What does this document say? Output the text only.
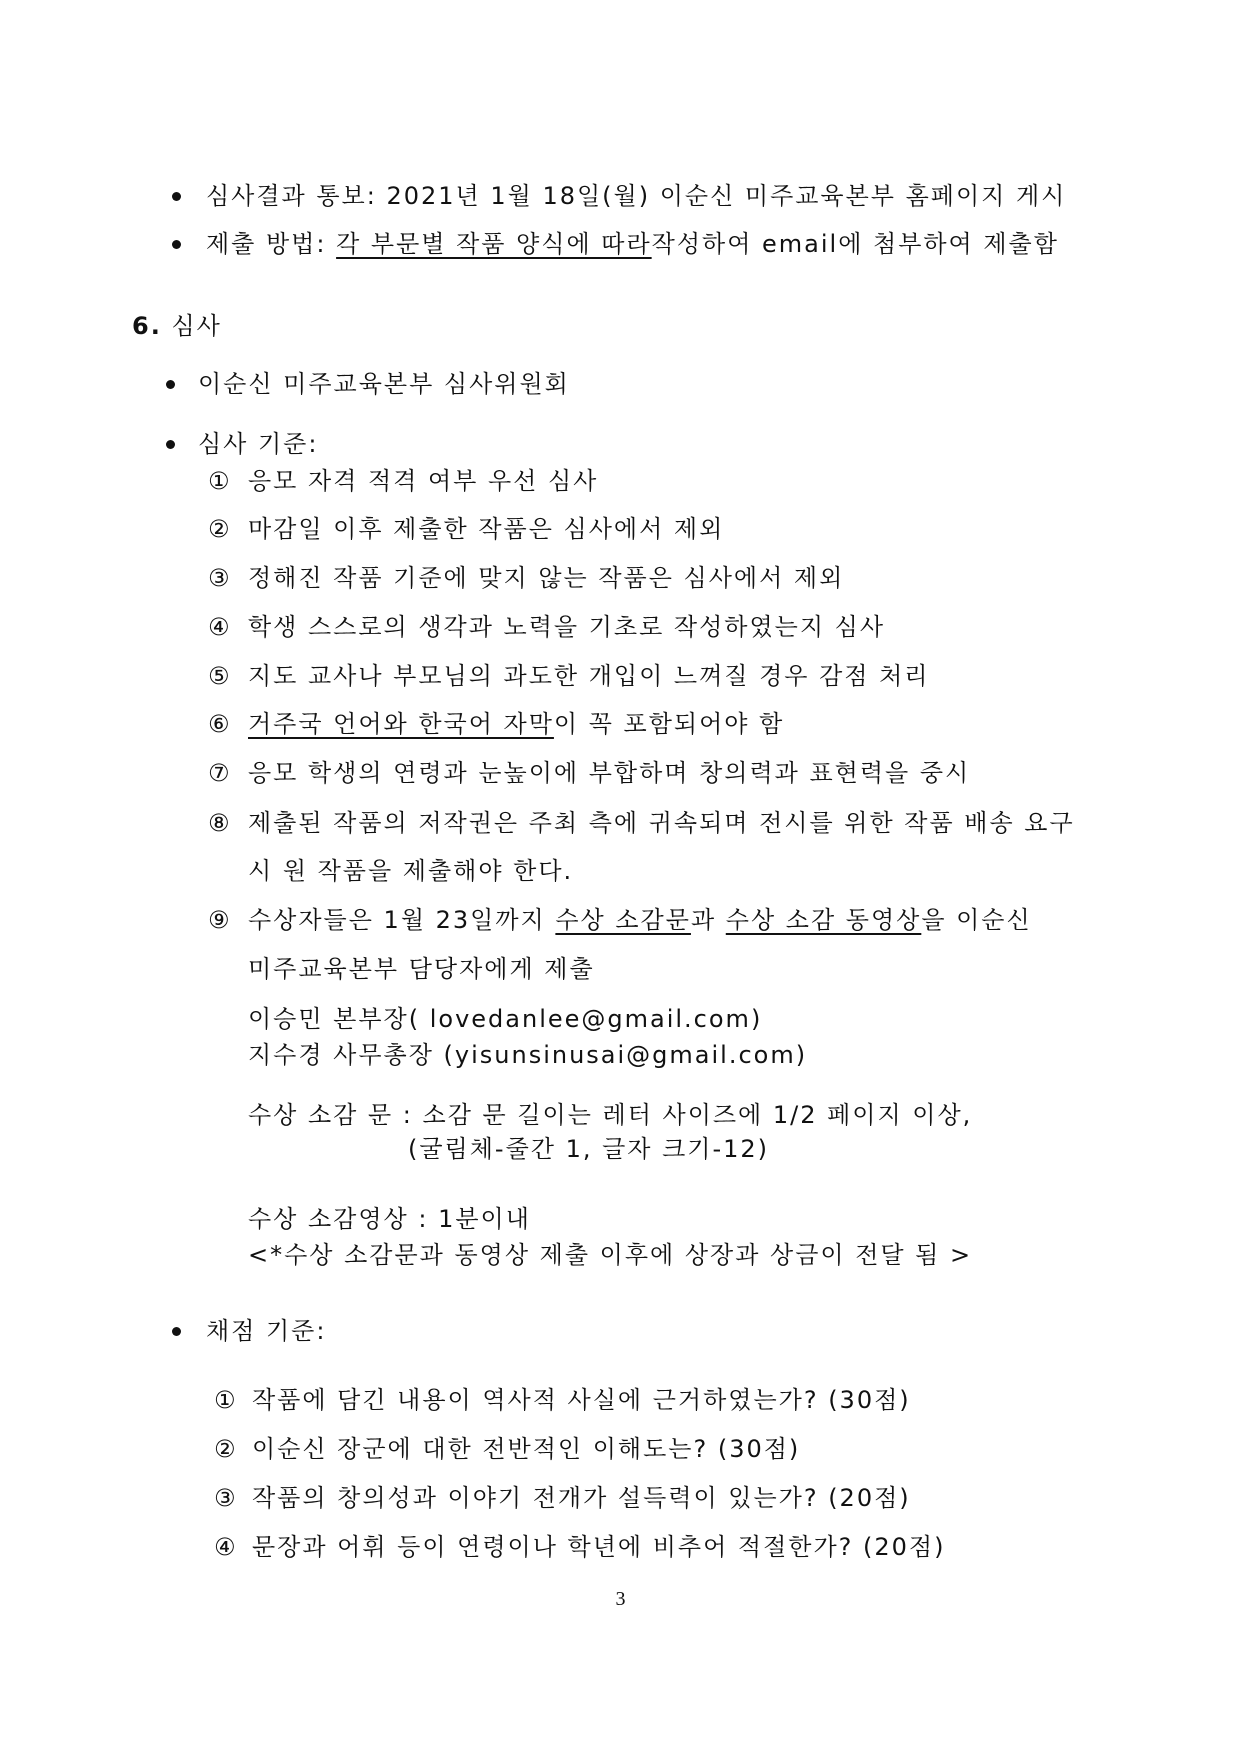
심사결과 통보: 2021년 1월 18일(월) 이순신 미주교육본부 홈페이지 게시
제출 방법: 각 부문별 작품 양식에 따라작성하여 email에 첨부하여 제출함
6. 심사
이순신 미주교육본부 심사위원회
심사 기준:
① 응모 자격 적격 여부 우선 심사
② 마감일 이후 제출한 작품은 심사에서 제외
③ 정해진 작품 기준에 맞지 않는 작품은 심사에서 제외
④ 학생 스스로의 생각과 노력을 기초로 작성하였는지 심사
⑤ 지도 교사나 부모님의 과도한 개입이 느껴질 경우 감점 처리
⑥ 거주국 언어와 한국어 자막이 꼭 포함되어야 함
⑦ 응모 학생의 연령과 눈높이에 부합하며 창의력과 표현력을 중시
⑧ 제출된 작품의 저작권은 주최 측에 귀속되며 전시를 위한 작품 배송 요구
시 원 작품을 제출해야 한다.
⑨ 수상자들은 1월 23일까지 수상 소감문과 수상 소감 동영상을 이순신
미주교육본부 담당자에게 제출
이승민 본부장( lovedanlee@gmail.com)
지수경 사무총장 (yisunsinusai@gmail.com)
수상 소감 문 : 소감 문 길이는 레터 사이즈에 1/2 페이지 이상,
(굴림체-줄간 1, 글자 크기-12)
수상 소감영상 : 1분이내
<*수상 소감문과 동영상 제출 이후에 상장과 상금이 전달 됨 >
채점 기준:
① 작품에 담긴 내용이 역사적 사실에 근거하였는가? (30점)
② 이순신 장군에 대한 전반적인 이해도는? (30점)
③ 작품의 창의성과 이야기 전개가 설득력이 있는가? (20점)
④ 문장과 어휘 등이 연령이나 학년에 비추어 적절한가? (20점)
3
